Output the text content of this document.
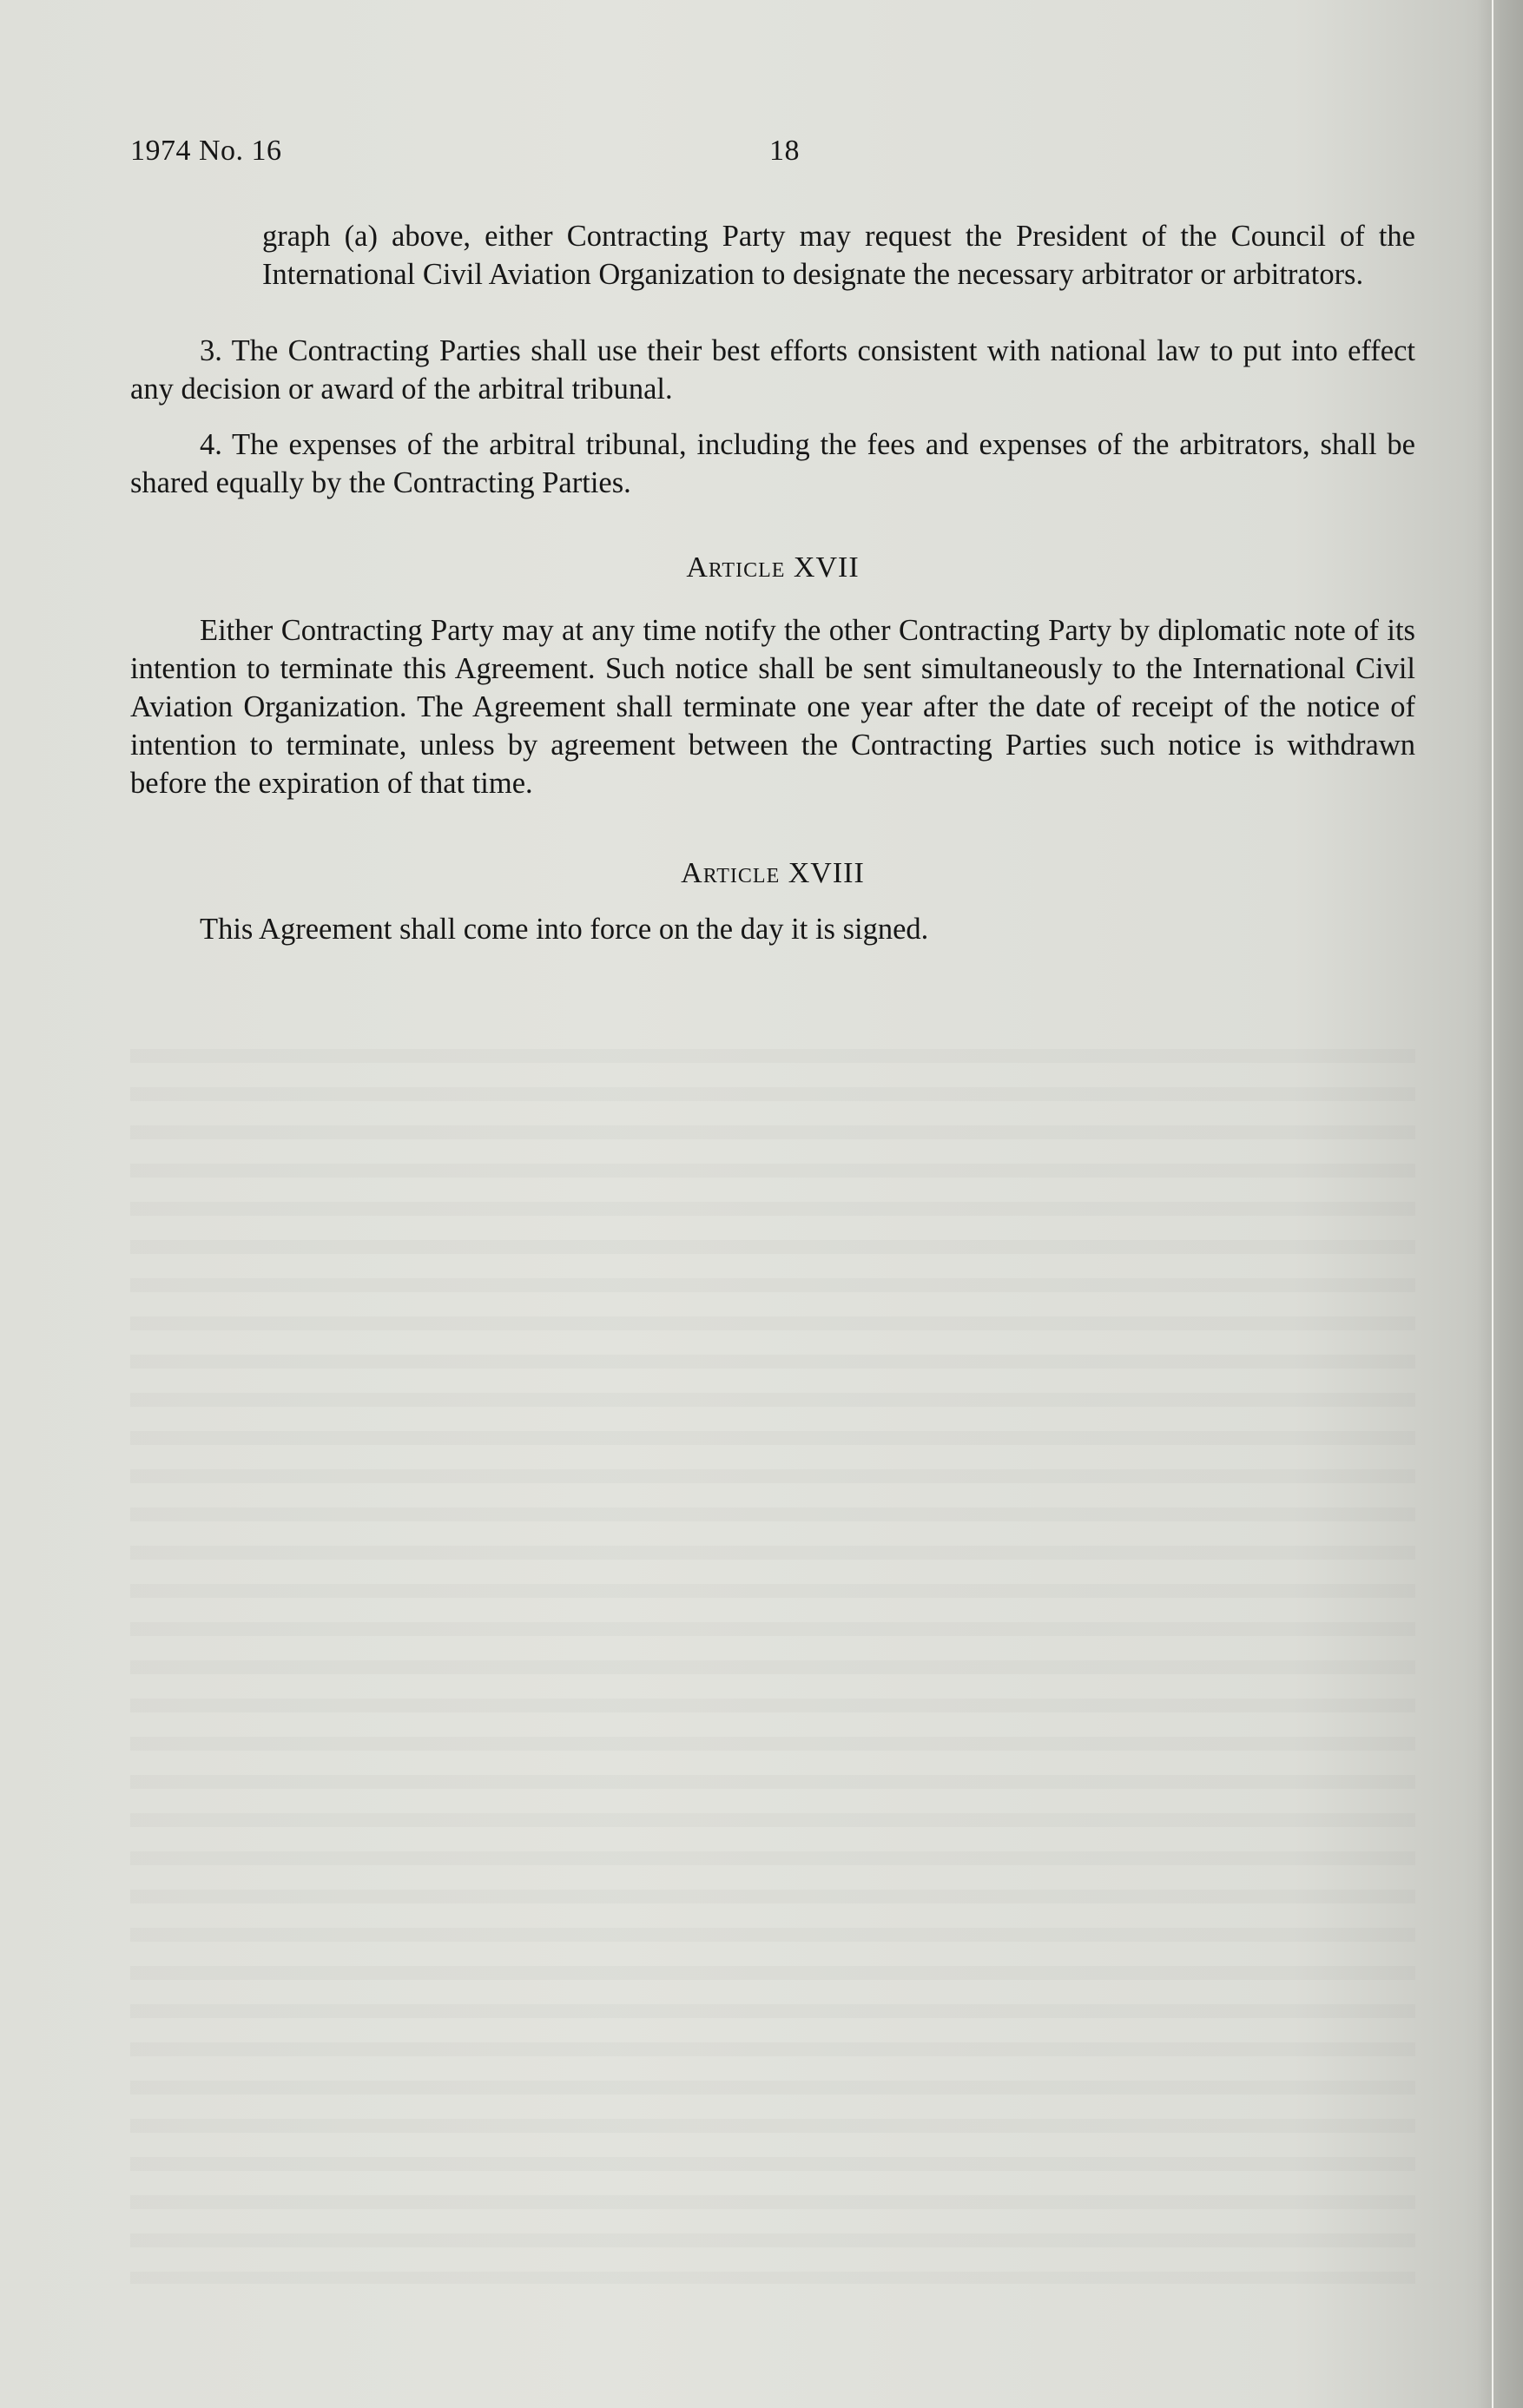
1974 No. 16	18

graph (a) above, either Contracting Party may request the President of the Council of the International Civil Aviation Organization to designate the necessary arbitrator or arbitrators.

3. The Contracting Parties shall use their best efforts consistent with national law to put into effect any decision or award of the arbitral tribunal.

4. The expenses of the arbitral tribunal, including the fees and expenses of the arbitrators, shall be shared equally by the Contracting Parties.

Article XVII

Either Contracting Party may at any time notify the other Contracting Party by diplomatic note of its intention to terminate this Agreement. Such notice shall be sent simultaneously to the International Civil Aviation Organization. The Agreement shall terminate one year after the date of receipt of the notice of intention to terminate, unless by agreement between the Contracting Parties such notice is withdrawn before the expiration of that time.

Article XVIII

This Agreement shall come into force on the day it is signed.
